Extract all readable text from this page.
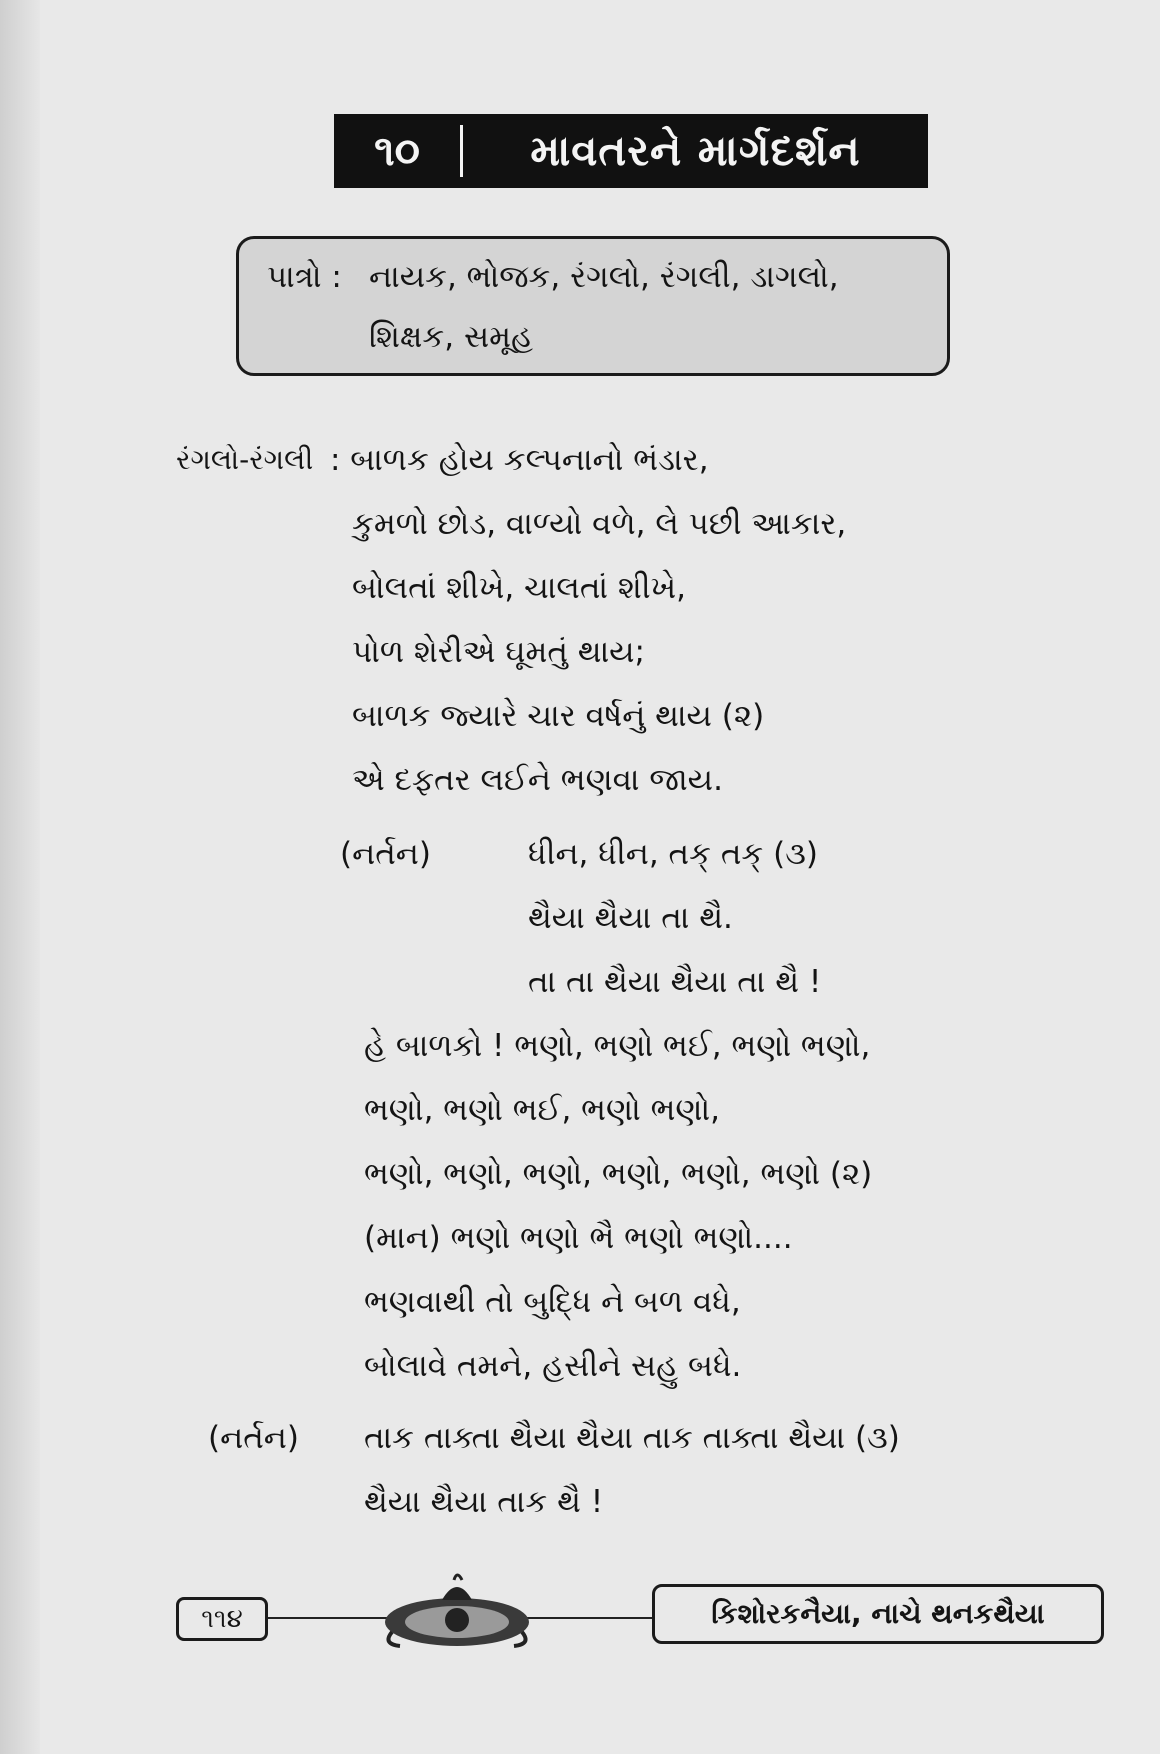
૧૦	માવતરને માર્ગદર્શન
પાત્રો : નાયક, ભોજક, રંગલો, રંગલી, ડાગલો,
શિક્ષક, સમૂહ
રંગલો-રંગલી : બાળક હોય કલ્પનાનો ભંડાર,
કુમળો છોડ, વાળ્યો વળે, લે પછી આકાર,
બોલતાં શીખે, ચાલતાં શીખે,
પોળ શેરીએ ઘૂમતું થાય;
બાળક જ્યારે ચાર વર્ષનું થાય (૨)
એ દફતર લઈને ભણવા જાય.
(નર્તન)	ધીન, ધીન, તક્ તક્ (૩)
થૈયા થૈયા તા થૈ.
તા તા થૈયા થૈયા તા થૈ !
હે બાળકો ! ભણો, ભણો ભઈ, ભણો ભણો,
ભણો, ભણો ભઈ, ભણો ભણો,
ભણો, ભણો, ભણો, ભણો, ભણો, ભણો (૨)
(માન) ભણો ભણો ભૈ ભણો ભણો....
ભણવાથી તો બુદ્ધિ ને બળ વધે,
બોલાવે તમને, હસીને સહુ બધે.
(નર્તન) તાક તાક્તા થૈયા થૈયા તાક તાક્તા થૈયા (૩)
થૈયા થૈયા તાક થૈ !
૧૧૪	કિશોરકનૈયા, નાચે થનકથૈયા
